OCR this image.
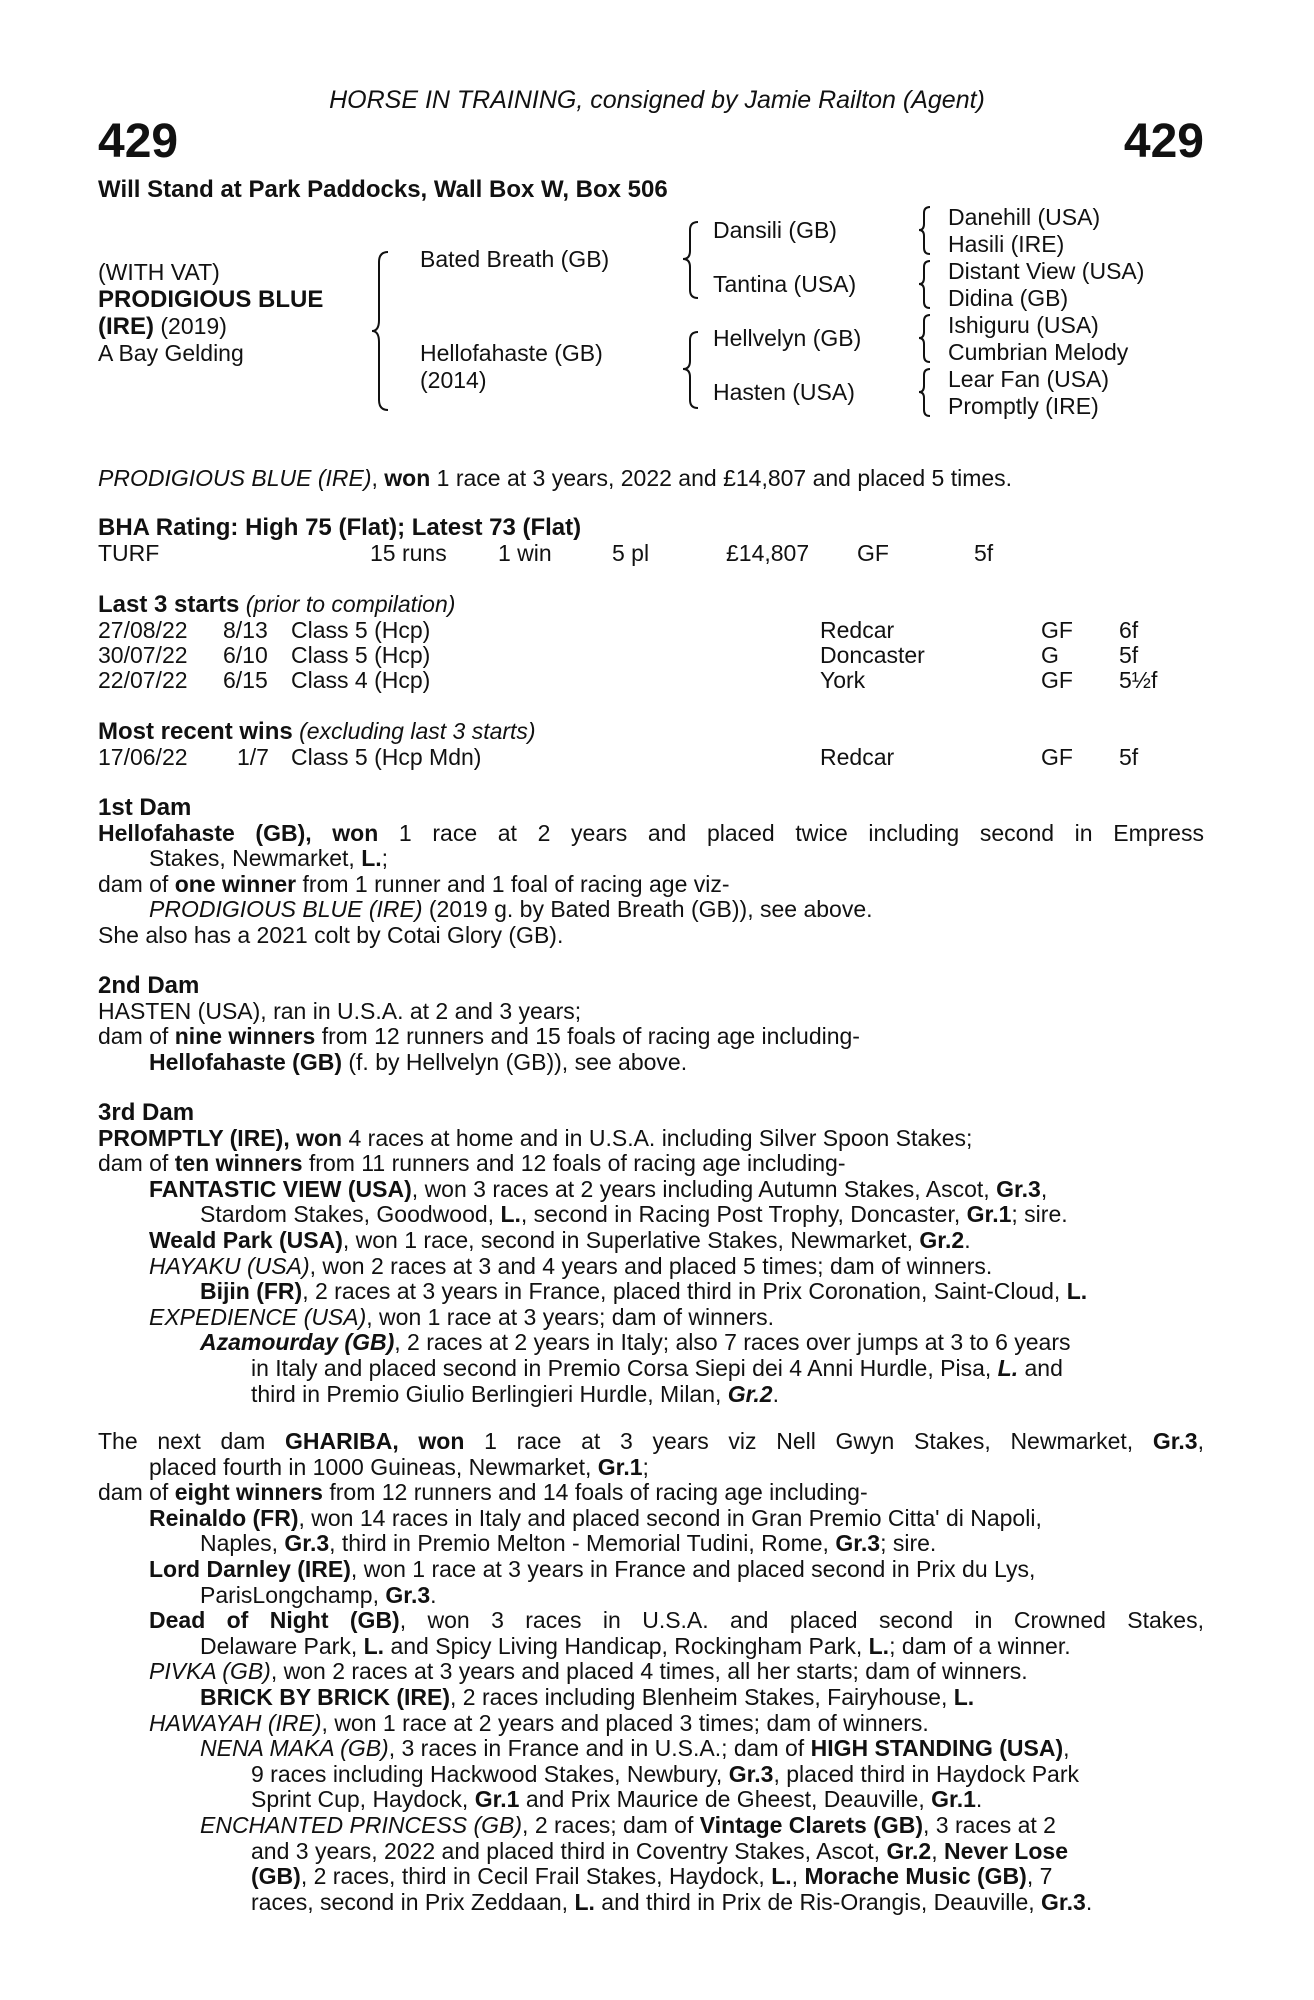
HORSE IN TRAINING, consigned by Jamie Railton (Agent)
429	429
Will Stand at Park Paddocks, Wall Box W, Box 506
(WITH VAT)
PRODIGIOUS BLUE
(IRE) (2019)
A Bay Gelding
Bated Breath (GB)
Hellofahaste (GB)
(2014)
Dansili (GB)
Tantina (USA)
Hellvelyn (GB)
Hasten (USA)
Danehill (USA)
Hasili (IRE)
Distant View (USA)
Didina (GB)
Ishiguru (USA)
Cumbrian Melody
Lear Fan (USA)
Promptly (IRE)
PRODIGIOUS BLUE (IRE), won 1 race at 3 years, 2022 and £14,807 and placed 5 times.
BHA Rating: High 75 (Flat); Latest 73 (Flat)
TURF	15 runs 1 win	5 pl	£14,807 GF	5f
Last 3 starts (prior to compilation)
27/08/22 8/13 Class 5 (Hcp)	Redcar	GF 6f
30/07/22 6/10 Class 5 (Hcp)	Doncaster	G	5f
22/07/22 6/15 Class 4 (Hcp)	York	GF 5½f
Most recent wins (excluding last 3 starts)
17/06/22 1/7 Class 5 (Hcp Mdn)	Redcar	GF 5f
1st Dam
Hellofahaste (GB), won 1 race at 2 years and placed twice including second in Empress
Stakes, Newmarket, L.;
dam of one winner from 1 runner and 1 foal of racing age viz-
PRODIGIOUS BLUE (IRE) (2019 g. by Bated Breath (GB)), see above.
She also has a 2021 colt by Cotai Glory (GB).
2nd Dam
HASTEN (USA), ran in U.S.A. at 2 and 3 years;
dam of nine winners from 12 runners and 15 foals of racing age including-
Hellofahaste (GB) (f. by Hellvelyn (GB)), see above.
3rd Dam
PROMPTLY (IRE), won 4 races at home and in U.S.A. including Silver Spoon Stakes;
dam of ten winners from 11 runners and 12 foals of racing age including-
FANTASTIC VIEW (USA), won 3 races at 2 years including Autumn Stakes, Ascot, Gr.3,
Stardom Stakes, Goodwood, L., second in Racing Post Trophy, Doncaster, Gr.1; sire.
Weald Park (USA), won 1 race, second in Superlative Stakes, Newmarket, Gr.2.
HAYAKU (USA), won 2 races at 3 and 4 years and placed 5 times; dam of winners.
Bijin (FR), 2 races at 3 years in France, placed third in Prix Coronation, Saint-Cloud, L.
EXPEDIENCE (USA), won 1 race at 3 years; dam of winners.
Azamourday (GB), 2 races at 2 years in Italy; also 7 races over jumps at 3 to 6 years
in Italy and placed second in Premio Corsa Siepi dei 4 Anni Hurdle, Pisa, L. and
third in Premio Giulio Berlingieri Hurdle, Milan, Gr.2.
The next dam GHARIBA, won 1 race at 3 years viz Nell Gwyn Stakes, Newmarket, Gr.3,
placed fourth in 1000 Guineas, Newmarket, Gr.1;
dam of eight winners from 12 runners and 14 foals of racing age including-
Reinaldo (FR), won 14 races in Italy and placed second in Gran Premio Citta' di Napoli,
Naples, Gr.3, third in Premio Melton - Memorial Tudini, Rome, Gr.3; sire.
Lord Darnley (IRE), won 1 race at 3 years in France and placed second in Prix du Lys,
ParisLongchamp, Gr.3.
Dead of Night (GB), won 3 races in U.S.A. and placed second in Crowned Stakes,
Delaware Park, L. and Spicy Living Handicap, Rockingham Park, L.; dam of a winner.
PIVKA (GB), won 2 races at 3 years and placed 4 times, all her starts; dam of winners.
BRICK BY BRICK (IRE), 2 races including Blenheim Stakes, Fairyhouse, L.
HAWAYAH (IRE), won 1 race at 2 years and placed 3 times; dam of winners.
NENA MAKA (GB), 3 races in France and in U.S.A.; dam of HIGH STANDING (USA),
9 races including Hackwood Stakes, Newbury, Gr.3, placed third in Haydock Park
Sprint Cup, Haydock, Gr.1 and Prix Maurice de Gheest, Deauville, Gr.1.
ENCHANTED PRINCESS (GB), 2 races; dam of Vintage Clarets (GB), 3 races at 2
and 3 years, 2022 and placed third in Coventry Stakes, Ascot, Gr.2, Never Lose
(GB), 2 races, third in Cecil Frail Stakes, Haydock, L., Morache Music (GB), 7
races, second in Prix Zeddaan, L. and third in Prix de Ris-Orangis, Deauville, Gr.3.
